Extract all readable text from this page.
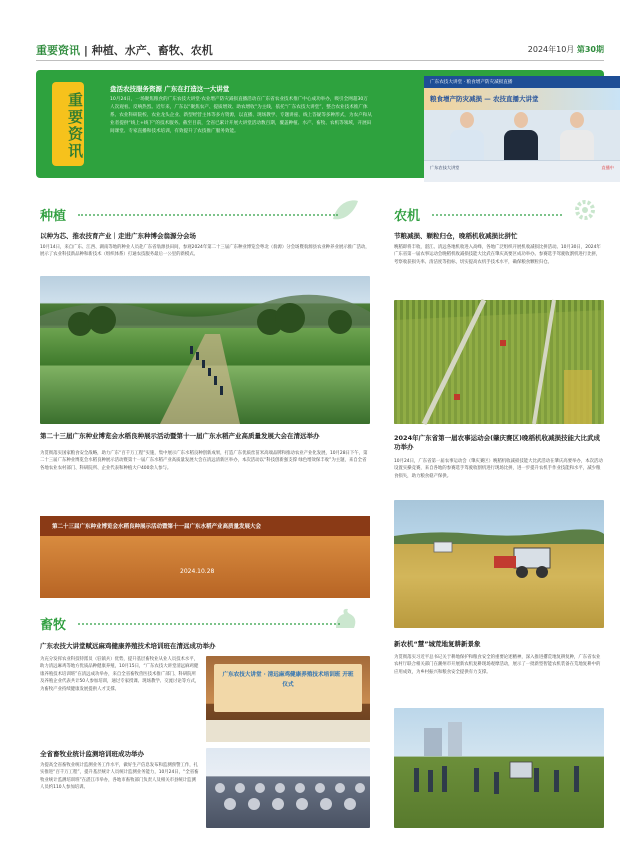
重要资讯 | 种植、水产、畜牧、农机	2024年10月 第30期
重要资讯
盘活农技服务资源 广东在打造这一大讲堂
10月24日，一场聚焦粮食的广东农技大讲堂·农业增产防灾减损直播活动在广东省农业技术推广中心成功举办，吸引全网超30万人次观看。反响热烈。近年来，广东以“聚焦农产、提质增效、助农增收”为主线，依托“广东农技大讲堂”，整合农业技术推广体系、农业科研院校、农业龙头企业、新型经营主体等多方资源，以直播、现场教学、专题讲座、线上答疑等多种形式，为农户和从业者提供“线上+线下”的技术服务。截至目前，全省已累计开展大讲堂活动数百期，覆盖种植、水产、畜牧、农机等领域，开展田间课堂、专家直播和技术培训，有效提升了农技推广服务效能。
广东农技大讲堂 · 粮食增产防灾减损直播
粮食增产防灾减损 — 农技直播大讲堂
广东农技大讲堂	直播中
种植
以种为芯、推农技育产业｜走进广东种博会翁源分会场
10月14日，来自广东、江西、湖南等地的种业人员赴广东省翁源县田间，参观2024年第二十三届广东种业博览会粤北（翁源）分会场暨翁源县农业种养业展示推广活动，展示了农业科技新品种和新技术（组织体系）打通农技服务最后一公里的新模式。
第二十三届广东种业博览会水稻良种展示活动暨第十一届广东水稻产业高质量发展大会在清远举办
为贯彻落实国家粮食安全战略，助力广东“百千万工程”实施，集中展示广东水稻良种创新成果，打造广东优质丝苗米高端品牌和推动农业产业化发展，10月28日下午，第二十三届广东种业博览会水稻良种展示活动暨第十一届广东水稻产业高质量发展大会在清远清新区举办，本次活动以“科技创新强支撑 绿色增效保丰收”为主题，来自全省各地农业农村部门、科研院所、企业代表和种植大户400余人参与。
第二十三届广东种业博览会水稻良种展示活动暨第十一届广东水稻产业高质量发展大会
2024.10.28
畜牧
广东农技大讲堂赋远麻鸡健康养殖技术培训班在清远成功举办
为充分发挥农业科技特派员（驻镇兵）优势，提升基层畜牧业从业人员技术水平，助力清远麻鸡等地方优质品种健康养殖，10月15日，“广东农技大讲堂清远麻鸡健康养殖技术培训班”在清远成功举办，来自全省畜牧兽医技术推广部门、科研院所及养殖企业代表共计50人参加培训，通过专家授课、现场教学、交流讨论等方式，为畜牧产业持续健康发展提供人才支撑。
广东农技大讲堂 · 清远麻鸡健康养殖技术培训班 开班仪式
全省畜牧业统计监测培训班成功举办
为提高全省畜牧业统计监测业务工作水平，做好生产信息发布和监测预警工作，扎实推进“百千万工程”，提升基层统计人员统计监测业务能力，10月24日，“全省畜牧业统计监测培训班”在湛江市举办，各地市畜牧部门负责人及相关市县统计监测人员约110人参加培训。
农机
节粮减损、颗粒归仓，晚稻机收减损比拼忙
晚稻即将丰收，湛江、清远各地机收进入高峰，各地广泛组织开展机收减损比拼活动。10月30日，2024年广东省第一届农事运动会晚稻机收减损技能大比武在肇庆高要区成功举办。参赛选手驾驶收割机进行比拼，考察收获损失率、清洁度等指标，切实提高农机手技术水平，确保粮食颗粒归仓。
2024年广东省第一届农事运动会(肇庆赛区)晚稻机收减损技能大比武成功举办
10月24日，广东省第一届农事运动会（肇庆赛区）晚稻机收减损技能大比武活动在肇庆高要举办，本次活动设置实操竞赛，来自各地的参赛选手驾驶收割机进行现场比拼，进一步提升农机手作业技能和水平，减少粮食损失，助力粮食稳产保供。
新农机“慧”城荒地复耕新景象
为贯彻落实习近平总书记关于耕地保护和粮食安全的重要论述精神，深入推进撂荒地复耕复种，广东省农业农村厅联合相关部门在潮州市开展新农机复耕现场观摩活动，展示了一批新型智能农机装备在荒地复耕中的应用成效，为乡村振兴和粮食安全提供有力支撑。
